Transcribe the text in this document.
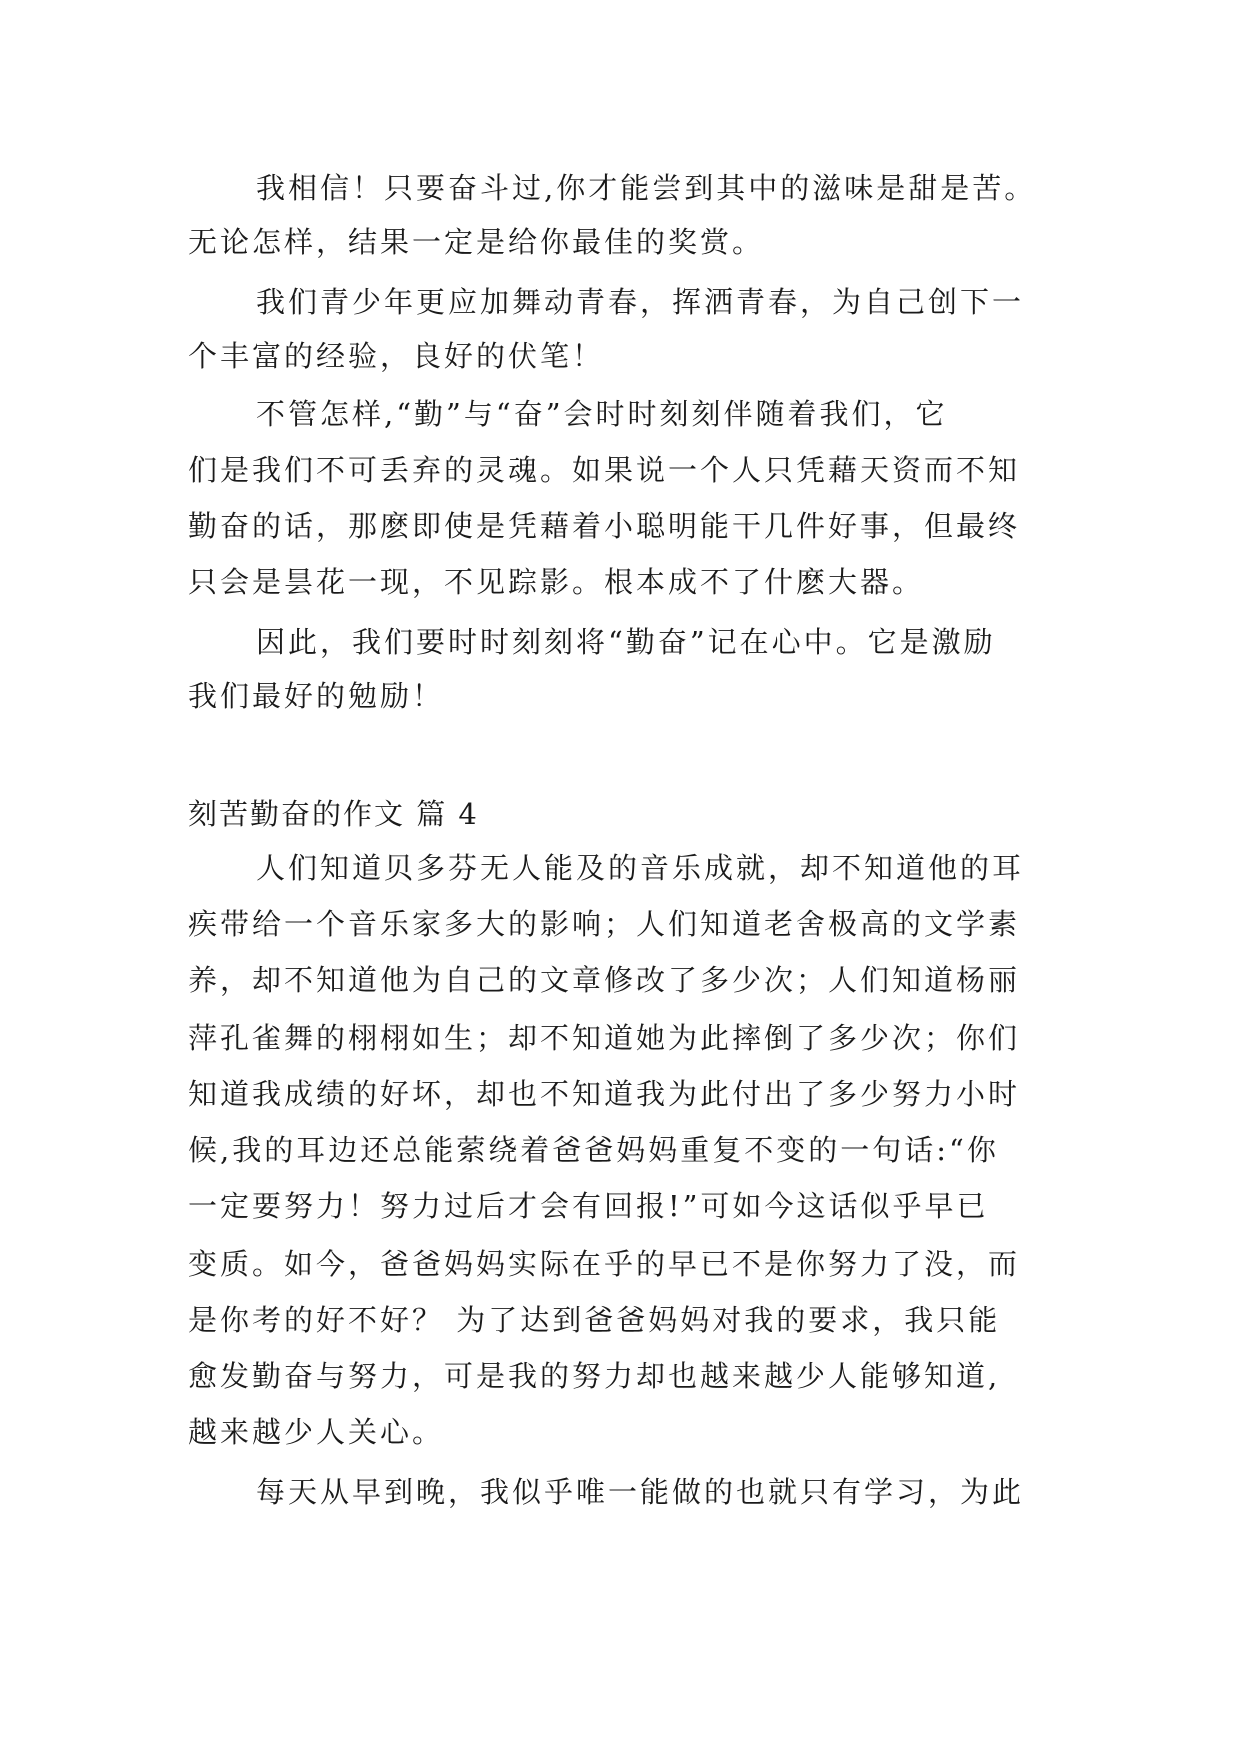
我相信！只要奋斗过,你才能尝到其中的滋味是甜是苦。
无论怎样，结果一定是给你最佳的奖赏。
我们青少年更应加舞动青春，挥洒青春，为自己创下一
个丰富的经验，良好的伏笔！
不管怎样,“勤”与“奋”会时时刻刻伴随着我们，它
们是我们不可丢弃的灵魂。如果说一个人只凭藉天资而不知
勤奋的话，那麽即使是凭藉着小聪明能干几件好事，但最终
只会是昙花一现，不见踪影。根本成不了什麽大器。
因此，我们要时时刻刻将“勤奋”记在心中。它是激励
我们最好的勉励！
刻苦勤奋的作文 篇 4
人们知道贝多芬无人能及的音乐成就，却不知道他的耳
疾带给一个音乐家多大的影响；人们知道老舍极高的文学素
养，却不知道他为自己的文章修改了多少次；人们知道杨丽
萍孔雀舞的栩栩如生；却不知道她为此摔倒了多少次；你们
知道我成绩的好坏，却也不知道我为此付出了多少努力小时
候,我的耳边还总能萦绕着爸爸妈妈重复不变的一句话:“你
一定要努力！努力过后才会有回报!”可如今这话似乎早已
变质。如今，爸爸妈妈实际在乎的早已不是你努力了没，而
是你考的好不好？ 为了达到爸爸妈妈对我的要求，我只能
愈发勤奋与努力，可是我的努力却也越来越少人能够知道,
越来越少人关心。
每天从早到晚，我似乎唯一能做的也就只有学习，为此
